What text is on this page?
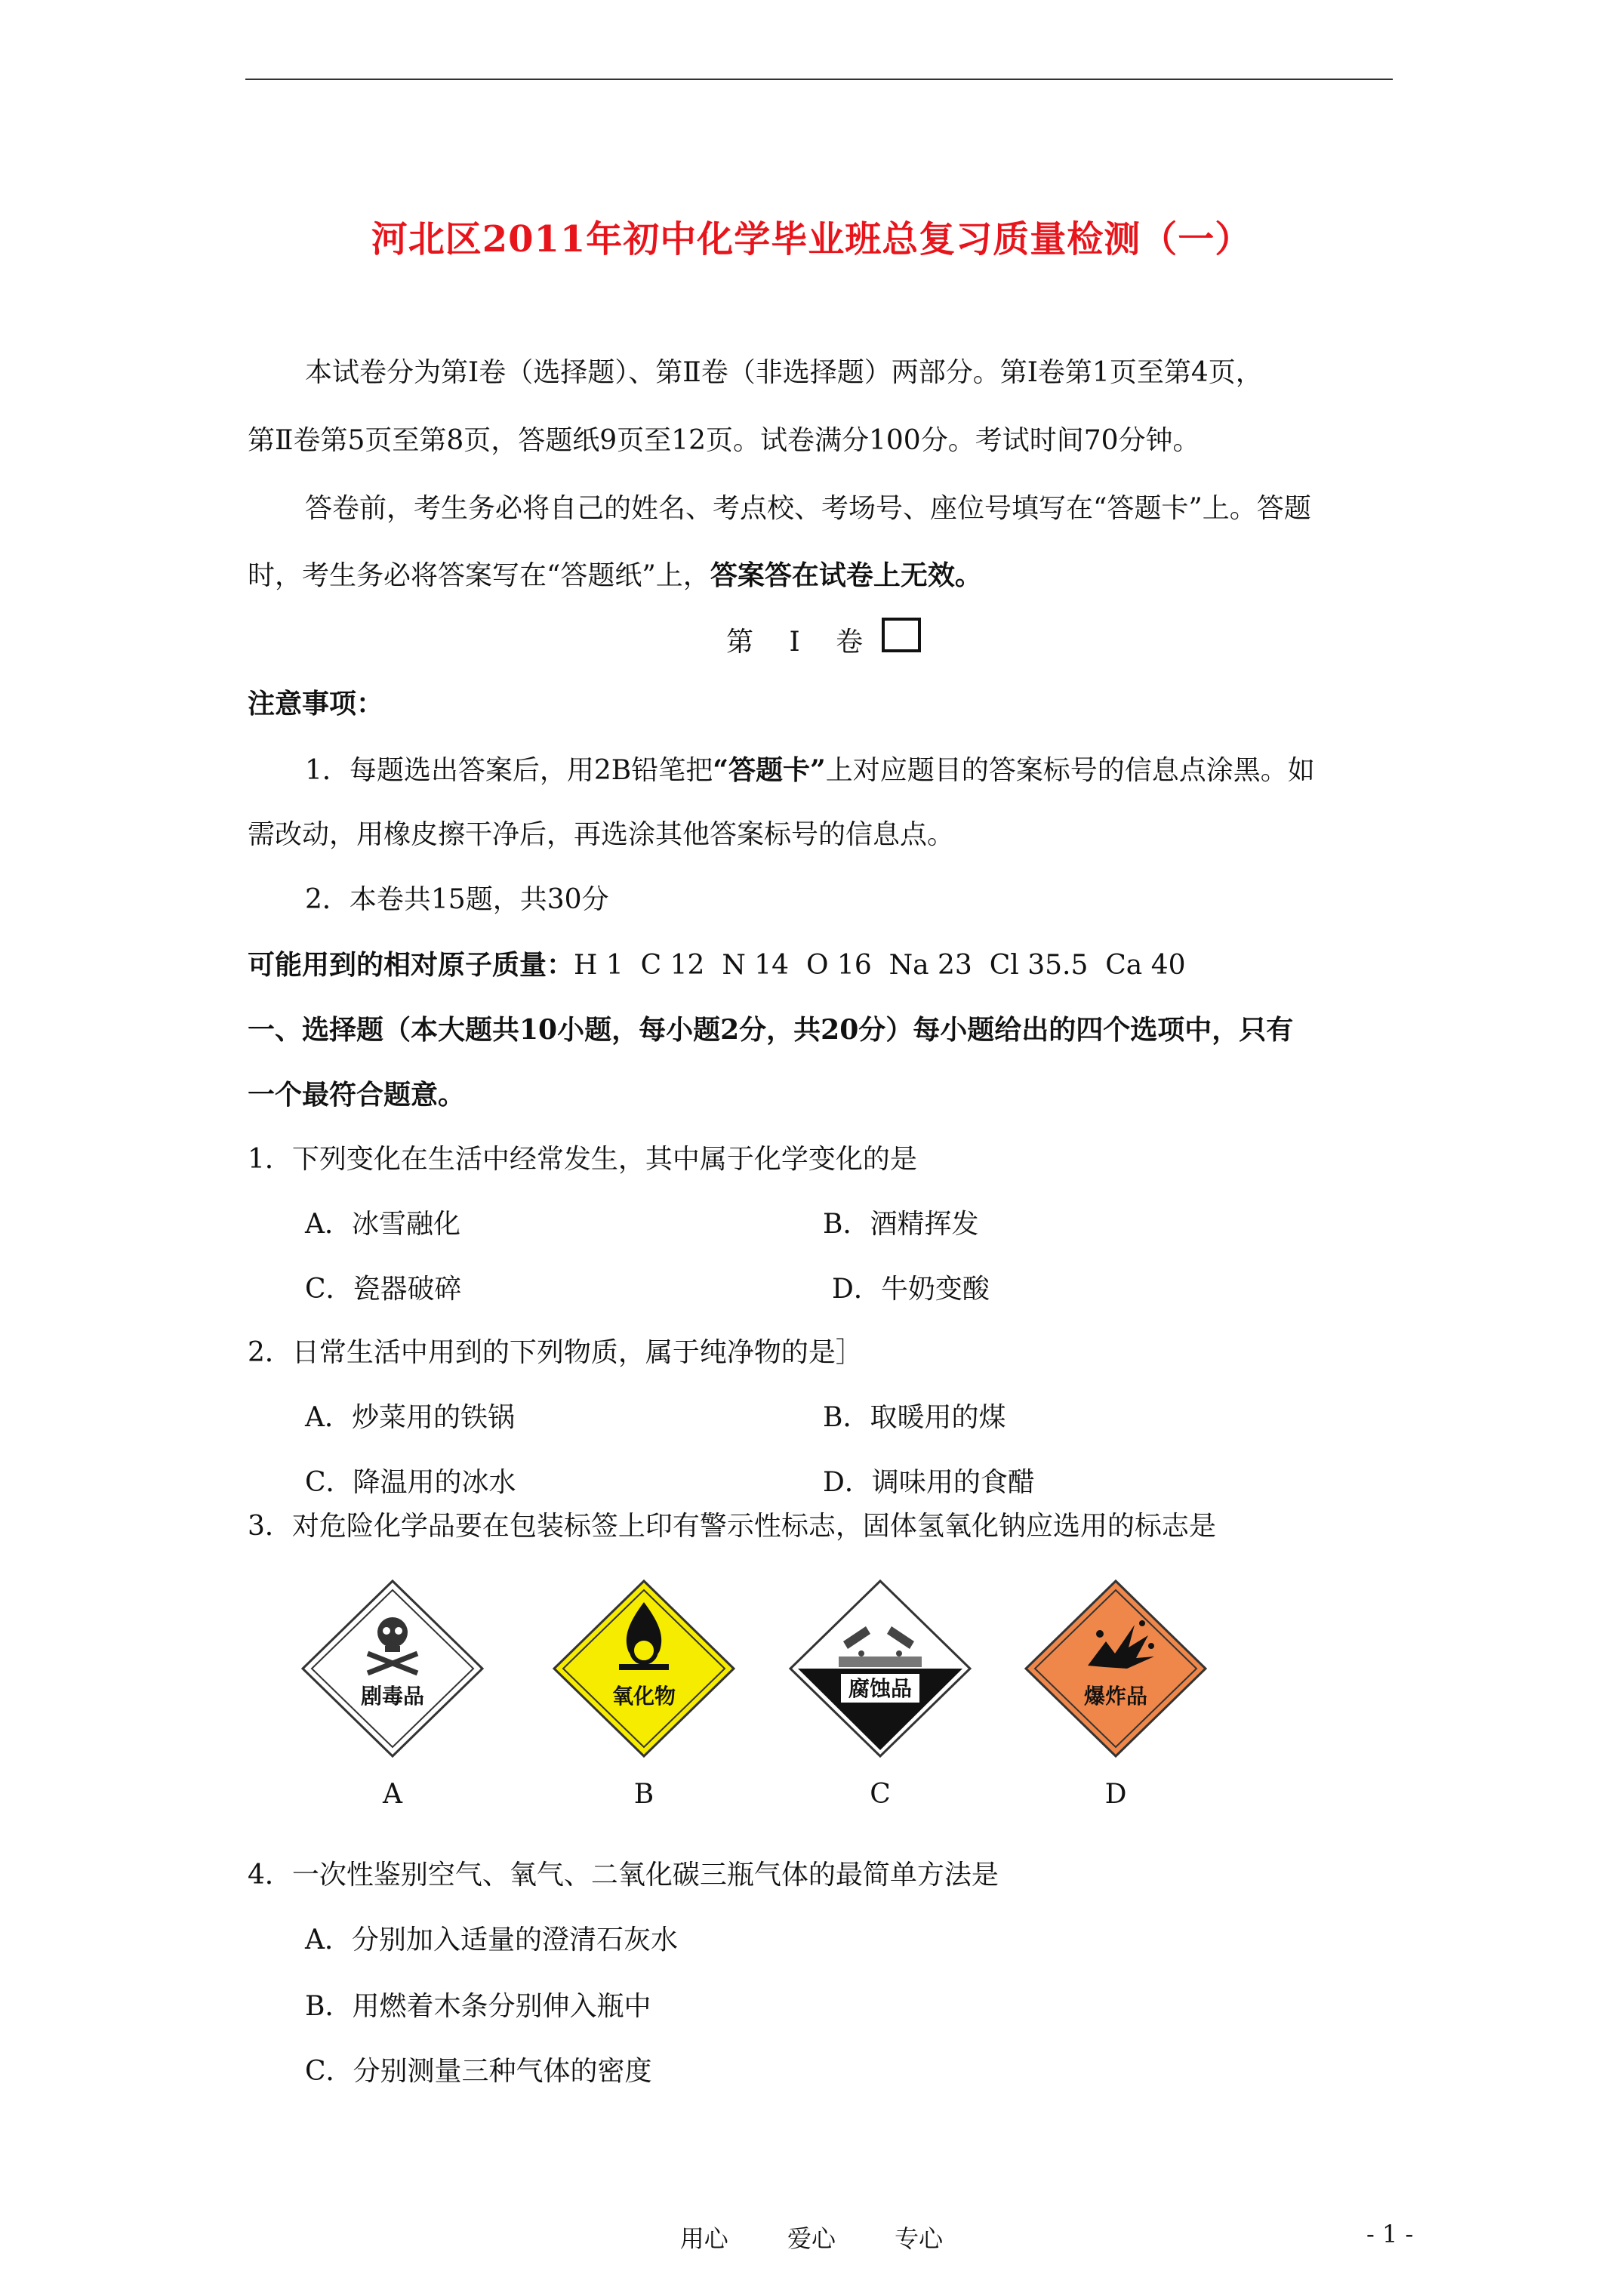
河北区2011年初中化学毕业班总复习质量检测（一）
本试卷分为第Ⅰ卷（选择题）、第Ⅱ卷（非选择题）两部分。第Ⅰ卷第1页至第4页，
第Ⅱ卷第5页至第8页，答题纸9页至12页。试卷满分100分。考试时间70分钟。
答卷前，考生务必将自己的姓名、考点校、考场号、座位号填写在“答题卡”上。答题
时，考生务必将答案写在“答题纸”上，答案答在试卷上无效。
第 Ⅰ 卷
注意事项：
1．每题选出答案后，用2B铅笔把“答题卡”上对应题目的答案标号的信息点涂黑。如
需改动，用橡皮擦干净后，再选涂其他答案标号的信息点。
2．本卷共15题，共30分
可能用到的相对原子质量：H 1  C 12  N 14  O 16  Na 23  Cl 35.5  Ca 40
一、选择题（本大题共10小题，每小题2分，共20分）每小题给出的四个选项中，只有
一个最符合题意。
1．下列变化在生活中经常发生，其中属于化学变化的是
A．冰雪融化	B．酒精挥发
C．瓷器破碎	D．牛奶变酸
2．日常生活中用到的下列物质，属于纯净物的是］
A．炒菜用的铁锅	B．取暖用的煤
C．降温用的冰水	D．调味用的食醋
3．对危险化学品要在包装标签上印有警示性标志，固体氢氧化钠应选用的标志是
剧毒品
A
氧化物
B
腐蚀品
C
爆炸品
D
4．一次性鉴别空气、氧气、二氧化碳三瓶气体的最简单方法是
A．分别加入适量的澄清石灰水
B．用燃着木条分别伸入瓶中
C．分别测量三种气体的密度
用心 爱心 专心	- 1 -
